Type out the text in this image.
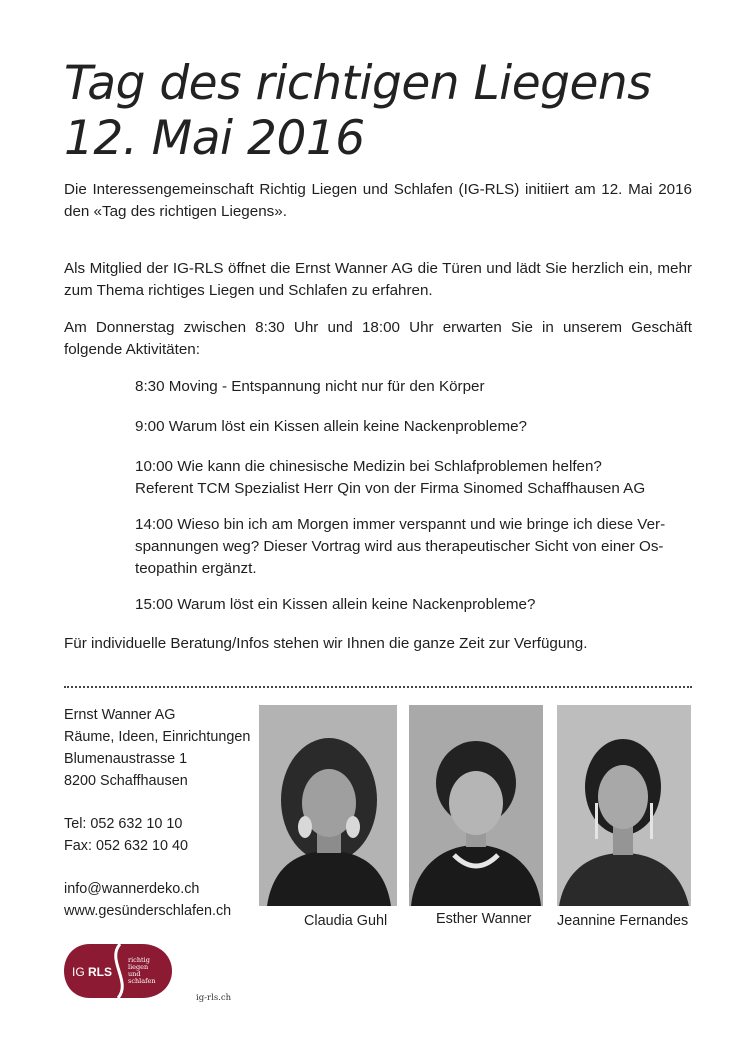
Tag des richtigen Liegens
12. Mai 2016

Die Interessengemeinschaft Richtig Liegen und Schlafen (IG-RLS) initiiert am 12. Mai 2016 den «Tag des richtigen Liegens».

Als Mitglied der IG-RLS öffnet die Ernst Wanner AG die Türen und lädt Sie herzlich ein, mehr zum Thema richtiges Liegen und Schlafen zu erfahren.

Am Donnerstag zwischen 8:30 Uhr und 18:00 Uhr erwarten Sie in unserem Geschäft folgende Aktivitäten:

8:30 Moving - Entspannung nicht nur für den Körper
9:00 Warum löst ein Kissen allein keine Nackenprobleme?
10:00 Wie kann die chinesische Medizin bei Schlafproblemen helfen?
Referent TCM Spezialist Herr Qin von der Firma Sinomed Schaffhausen AG
14:00 Wieso bin ich am Morgen immer verspannt und wie bringe ich diese Ver-
spannungen weg? Dieser Vortrag wird aus therapeutischer Sicht von einer Os-
teopathin ergänzt.
15:00 Warum löst ein Kissen allein keine Nackenprobleme?

Für individuelle Beratung/Infos stehen wir Ihnen die ganze Zeit zur Verfügung.

Ernst Wanner AG
Räume, Ideen, Einrichtungen
Blumenaustrasse 1
8200 Schaffhausen
Tel: 052 632 10 10
Fax: 052 632 10 40
info@wannerdeko.ch
www.gesünderschlafen.ch
Claudia Guhl	Esther Wanner Jeannine Fernandes
IG RLS
richtig liegen und schlafen
ig-rls.ch
